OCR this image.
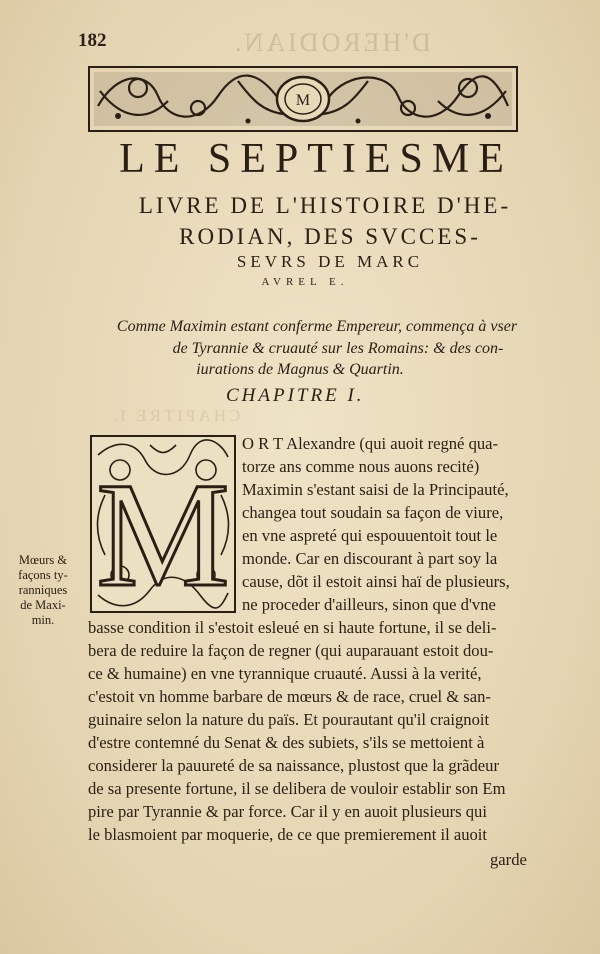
D'HERODIAN.
CHAPITRE I.
182
M
LE SEPTIESME
LIVRE DE L'HISTOIRE D'HE-
RODIAN, DES SVCCES-
SEVRS DE MARC
AVREL E.
Comme Maximin estant conferme Empereur, commença à vser
de Tyrannie & cruauté sur les Romains: & des con-
iurations de Magnus & Quartin.
CHAPITRE I.
M
Mœurs &
façons ty-
ranniques
de Maxi-
min.
O R T Alexandre (qui auoit regné qua-
torze ans comme nous auons recité)
Maximin s'estant saisi de la Principauté,
changea tout soudain sa façon de viure,
en vne aspreté qui espouuentoit tout le
monde. Car en discourant à part soy la
cause, dõt il estoit ainsi haï de plusieurs,
ne proceder d'ailleurs, sinon que d'vne
basse condition il s'estoit esleué en si haute fortune, il se deli-
bera de reduire la façon de regner (qui auparauant estoit dou-
ce & humaine) en vne tyrannique cruauté. Aussi à la verité,
c'estoit vn homme barbare de mœurs & de race, cruel & san-
guinaire selon la nature du païs. Et pourautant qu'il craignoit
d'estre contemné du Senat & des subiets, s'ils se mettoient à
considerer la pauureté de sa naissance, plustost que la grãdeur
de sa presente fortune, il se delibera de vouloir establir son Em
pire par Tyrannie & par force. Car il y en auoit plusieurs qui
le blasmoient par moquerie, de ce que premierement il auoit
garde
